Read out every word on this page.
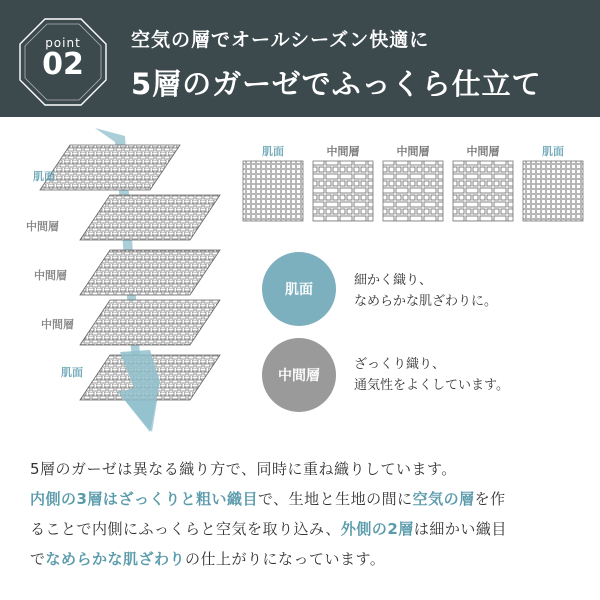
point
02
空気の層でオールシーズン快適に
5層のガーゼでふっくら仕立て
肌面
中間層
中間層
中間層
肌面
肌面	中間層	中間層	中間層	肌面
肌面
細かく織り、
なめらかな肌ざわりに。
中間層
ざっくり織り、
通気性をよくしています。
5層のガーゼは異なる織り方で、同時に重ね織りしています。
内側の3層はざっくりと粗い織目で、生地と生地の間に空気の層を作
ることで内側にふっくらと空気を取り込み、外側の2層は細かい織目
でなめらかな肌ざわりの仕上がりになっています。
